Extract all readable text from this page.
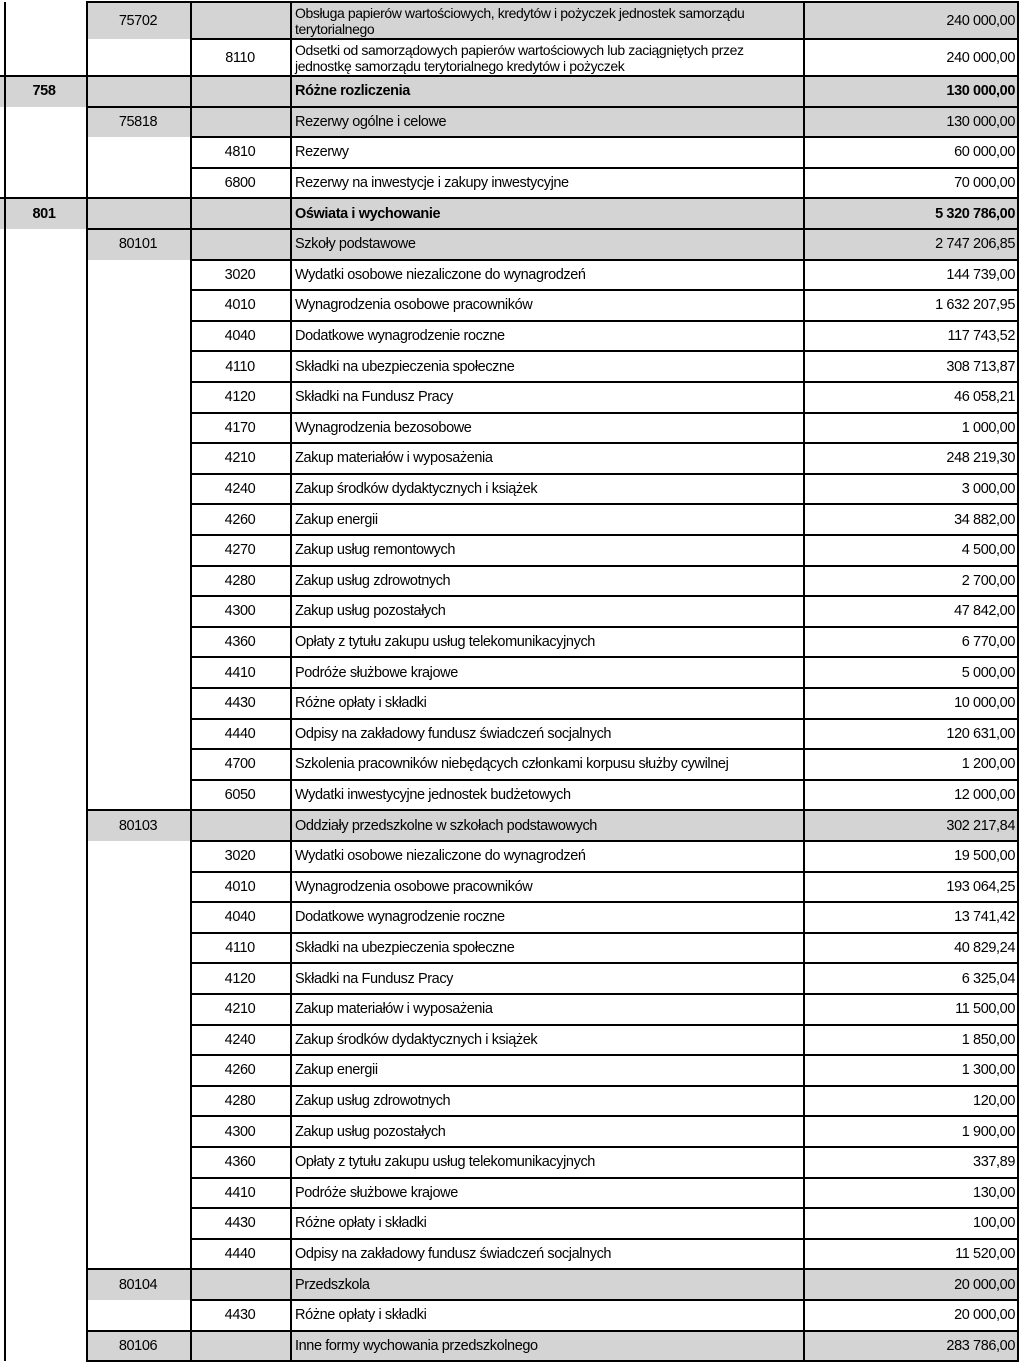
75702	Obsługa papierów wartościowych, kredytów i pożyczek jednostek samorządu terytorialnego	240 000,00
8110	Odsetki od samorządowych papierów wartościowych lub zaciągniętych przez jednostkę samorządu terytorialnego kredytów i pożyczek	240 000,00
758	Różne rozliczenia	130 000,00
75818	Rezerwy ogólne i celowe	130 000,00
4810	Rezerwy	60 000,00
6800	Rezerwy na inwestycje i zakupy inwestycyjne	70 000,00
801	Oświata i wychowanie	5 320 786,00
80101	Szkoły podstawowe	2 747 206,85
3020	Wydatki osobowe niezaliczone do wynagrodzeń	144 739,00
4010	Wynagrodzenia osobowe pracowników	1 632 207,95
4040	Dodatkowe wynagrodzenie roczne	117 743,52
4110	Składki na ubezpieczenia społeczne	308 713,87
4120	Składki na Fundusz Pracy	46 058,21
4170	Wynagrodzenia bezosobowe	1 000,00
4210	Zakup materiałów i wyposażenia	248 219,30
4240	Zakup środków dydaktycznych i książek	3 000,00
4260	Zakup energii	34 882,00
4270	Zakup usług remontowych	4 500,00
4280	Zakup usług zdrowotnych	2 700,00
4300	Zakup usług pozostałych	47 842,00
4360	Opłaty z tytułu zakupu usług telekomunikacyjnych	6 770,00
4410	Podróże służbowe krajowe	5 000,00
4430	Różne opłaty i składki	10 000,00
4440	Odpisy na zakładowy fundusz świadczeń socjalnych	120 631,00
4700	Szkolenia pracowników niebędących członkami korpusu służby cywilnej	1 200,00
6050	Wydatki inwestycyjne jednostek budżetowych	12 000,00
80103	Oddziały przedszkolne w szkołach podstawowych	302 217,84
3020	Wydatki osobowe niezaliczone do wynagrodzeń	19 500,00
4010	Wynagrodzenia osobowe pracowników	193 064,25
4040	Dodatkowe wynagrodzenie roczne	13 741,42
4110	Składki na ubezpieczenia społeczne	40 829,24
4120	Składki na Fundusz Pracy	6 325,04
4210	Zakup materiałów i wyposażenia	11 500,00
4240	Zakup środków dydaktycznych i książek	1 850,00
4260	Zakup energii	1 300,00
4280	Zakup usług zdrowotnych	120,00
4300	Zakup usług pozostałych	1 900,00
4360	Opłaty z tytułu zakupu usług telekomunikacyjnych	337,89
4410	Podróże służbowe krajowe	130,00
4430	Różne opłaty i składki	100,00
4440	Odpisy na zakładowy fundusz świadczeń socjalnych	11 520,00
80104	Przedszkola	20 000,00
4430	Różne opłaty i składki	20 000,00
80106	Inne formy wychowania przedszkolnego	283 786,00
